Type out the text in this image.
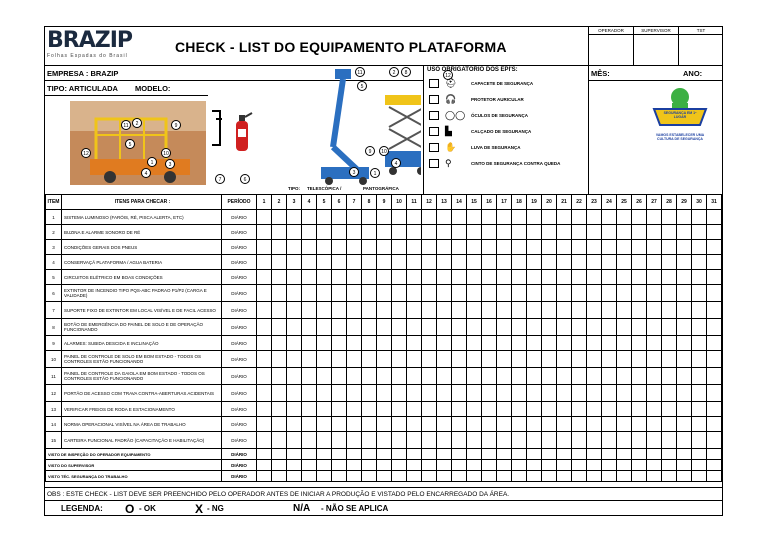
BRAZIP
Folhas Espadas do Brasil
CHECK - LIST DO EQUIPAMENTO PLATAFORMA
OPERADOR	SUPERVISOR	TST
EMPRESA : BRAZIP
TIPO: ARTICULADA MODELO:
MÊS:	ANO:
11	2	9
12
5
10
1	3
4
7	6
11
5
2	8	12
9	10
4
3	1
TIPO: TELESCÓPICA /	PANTOGRÁFICA
USO OBRIGATÓRIO DOS EPI'S:
⛑	CAPACETE DE SEGURANÇA
🎧	PROTETOR AURICULAR
◯◯ ÓCULOS DE SEGURANÇA
▙	CALÇADO DE SEGURANÇA
✋	LUVA DE SEGURANÇA
⚲	CINTO DE SEGURANÇA CONTRA QUEDA
SEGURANÇA EM 1º LUGAR
VAMOS ESTABELECER UMA CULTURA DE SEGURANÇA
ITEM	ITENS PARA CHECAR :	PERÍODO	1	2	3	4	5	6	7	8	9	10	11	12	13	14	15	16	17	18	19	20	21	22	23	24	25	26	27	28	29	30	31
1	SISTEMA LUMINOSO (FARÓIS, RÉ, PISCA ALERTA, ETC)	DIÁRIO																															
2	BUZINA E ALARME SONORO DE RÉ	DIÁRIO																															
3	CONDIÇÕES GERAIS DOS PNEUS	DIÁRIO																															
4	CONSERVAÇÃ PLATAFORMA / AGUA BATERIA	DIÁRIO																															
5	CIRCUITOS ELÉTRICO EM BOAS CONDIÇÕES	DIÁRIO																															
6	EXTINTOR DE INCENDIO TIPO PQS-ABC PADRAO P1/P2 (CARGA E VALIDADE)	DIÁRIO																															
7	SUPORTE FIXO DE EXTINTOR EM LOCAL VISÍVEL E DE FACIL ACESSO	DIÁRIO																															
8	BOTÃO DE EMERGÊNCIA DO PAINEL DE SOLO E DE OPERAÇÃO FUNCIONANDO	DIÁRIO																															
9	ALARMES: SUBIDA DESCIDA E INCLINAÇÃO	DIÁRIO																															
10	PAINEL DE CONTROLE DE SOLO EM BOM ESTADO - TODOS OS CONTROLES ESTÃO FUNCIONANDO	DIÁRIO																															
11	PAINEL DE CONTROLE DA GAIOLA EM BOM ESTADO - TODOS OS CONTROLES ESTÃO FUNCIONANDO	DIÁRIO																															
12	PORTÃO DE ACESSO COM TRAVA CONTRA-ABERTURAS ACIDENTAIS	DIÁRIO																															
13	VERIFICAR FREIOS DE RODA E ESTACIONAMENTO	DIÁRIO																															
14	NORMA OPERACIONAL VISÍVEL NA ÁREA DE TRABALHO	DIÁRIO																															
15	CARTEIRA FUNCIONAL PADRÃO (CAPACITAÇÃO E HABILITAÇÃO)	DIÁRIO																															
VISTO DE INSPEÇÃO DO OPERADOR EQUIPAMENTO		DIÁRIO																															
VISTO DO SUPERVISOR		DIÁRIO																															
VISTO TÉC. SEGURANÇA DO TRABALHO		DIÁRIO																															
OBS : ESTE CHECK - LIST DEVE SER PREENCHIDO PELO OPERADOR ANTES DE INICIAR A PRODUÇÃO E VISTADO PELO ENCARREGADO DA ÁREA.
LEGENDA: O - OK	X - NG	N/A - NÃO SE APLICA
